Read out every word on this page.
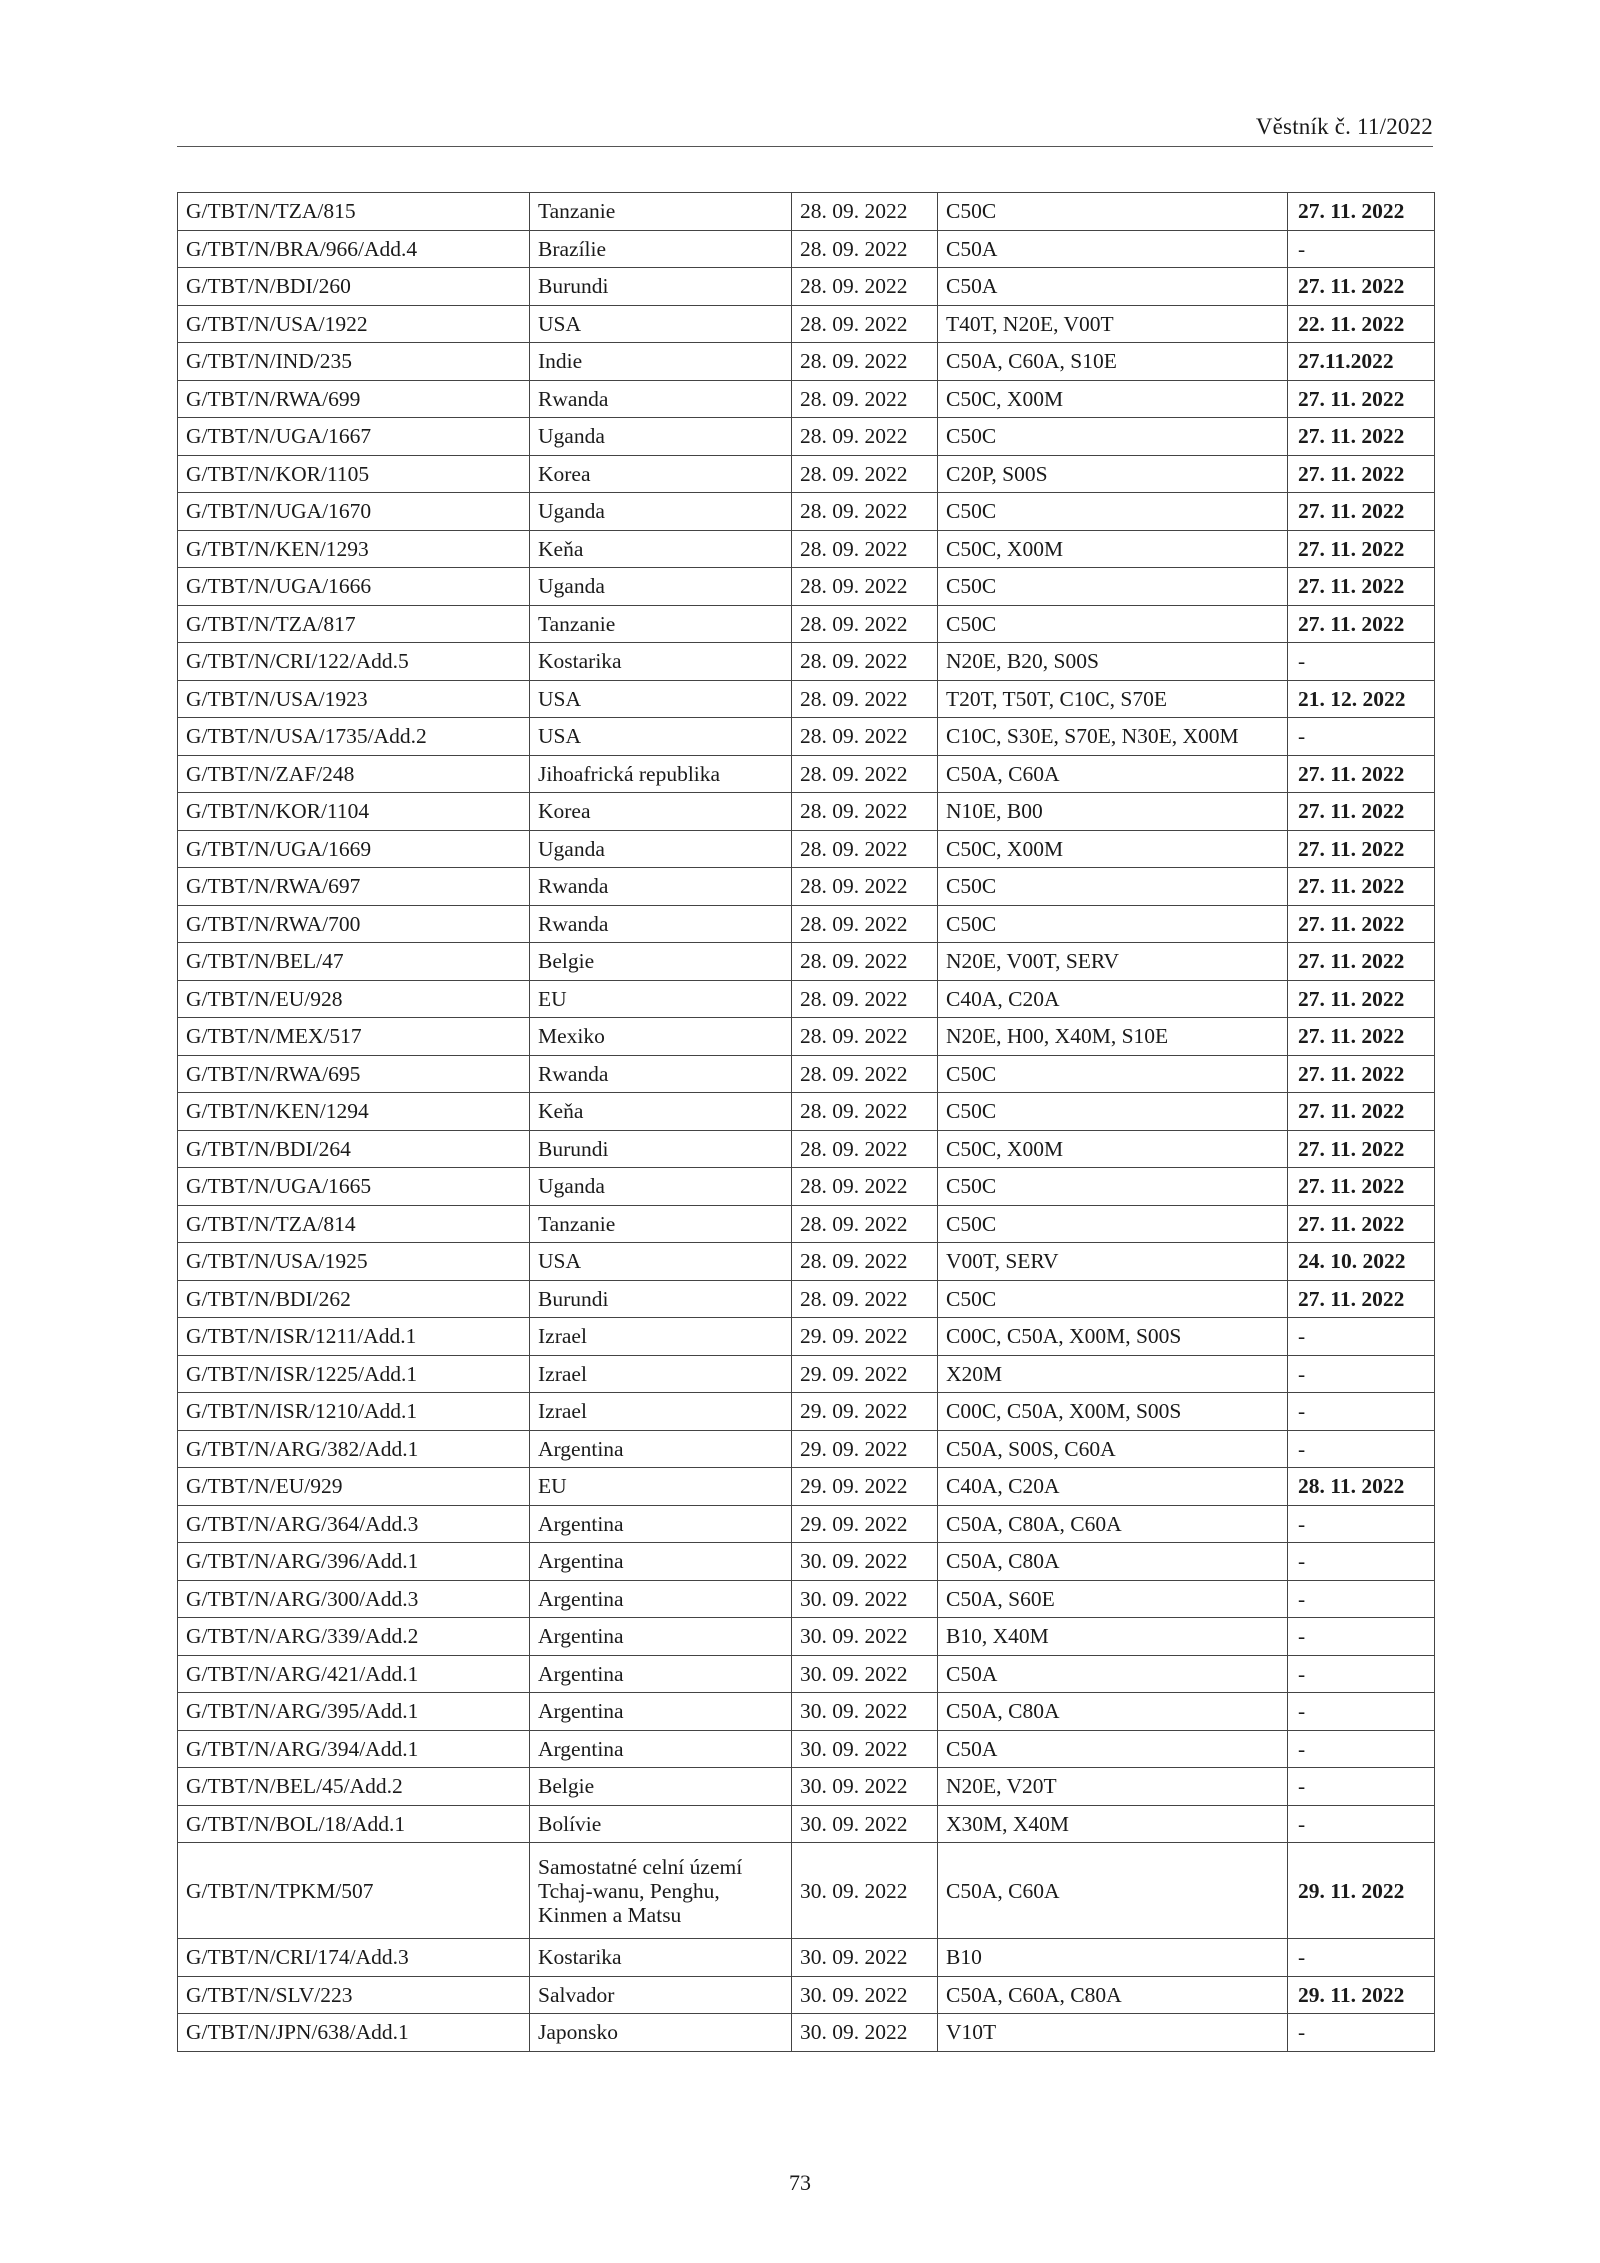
Věstník č. 11/2022
G/TBT/N/TZA/815	Tanzanie	28. 09. 2022	C50C	27. 11. 2022
G/TBT/N/BRA/966/Add.4	Brazílie	28. 09. 2022	C50A	-
G/TBT/N/BDI/260	Burundi	28. 09. 2022	C50A	27. 11. 2022
G/TBT/N/USA/1922	USA	28. 09. 2022	T40T, N20E, V00T	22. 11. 2022
G/TBT/N/IND/235	Indie	28. 09. 2022	C50A, C60A, S10E	27.11.2022
G/TBT/N/RWA/699	Rwanda	28. 09. 2022	C50C, X00M	27. 11. 2022
G/TBT/N/UGA/1667	Uganda	28. 09. 2022	C50C	27. 11. 2022
G/TBT/N/KOR/1105	Korea	28. 09. 2022	C20P, S00S	27. 11. 2022
G/TBT/N/UGA/1670	Uganda	28. 09. 2022	C50C	27. 11. 2022
G/TBT/N/KEN/1293	Keňa	28. 09. 2022	C50C, X00M	27. 11. 2022
G/TBT/N/UGA/1666	Uganda	28. 09. 2022	C50C	27. 11. 2022
G/TBT/N/TZA/817	Tanzanie	28. 09. 2022	C50C	27. 11. 2022
G/TBT/N/CRI/122/Add.5	Kostarika	28. 09. 2022	N20E, B20, S00S	-
G/TBT/N/USA/1923	USA	28. 09. 2022	T20T, T50T, C10C, S70E	21. 12. 2022
G/TBT/N/USA/1735/Add.2	USA	28. 09. 2022	C10C, S30E, S70E, N30E, X00M	-
G/TBT/N/ZAF/248	Jihoafrická republika	28. 09. 2022	C50A, C60A	27. 11. 2022
G/TBT/N/KOR/1104	Korea	28. 09. 2022	N10E, B00	27. 11. 2022
G/TBT/N/UGA/1669	Uganda	28. 09. 2022	C50C, X00M	27. 11. 2022
G/TBT/N/RWA/697	Rwanda	28. 09. 2022	C50C	27. 11. 2022
G/TBT/N/RWA/700	Rwanda	28. 09. 2022	C50C	27. 11. 2022
G/TBT/N/BEL/47	Belgie	28. 09. 2022	N20E, V00T, SERV	27. 11. 2022
G/TBT/N/EU/928	EU	28. 09. 2022	C40A, C20A	27. 11. 2022
G/TBT/N/MEX/517	Mexiko	28. 09. 2022	N20E, H00, X40M, S10E	27. 11. 2022
G/TBT/N/RWA/695	Rwanda	28. 09. 2022	C50C	27. 11. 2022
G/TBT/N/KEN/1294	Keňa	28. 09. 2022	C50C	27. 11. 2022
G/TBT/N/BDI/264	Burundi	28. 09. 2022	C50C, X00M	27. 11. 2022
G/TBT/N/UGA/1665	Uganda	28. 09. 2022	C50C	27. 11. 2022
G/TBT/N/TZA/814	Tanzanie	28. 09. 2022	C50C	27. 11. 2022
G/TBT/N/USA/1925	USA	28. 09. 2022	V00T, SERV	24. 10. 2022
G/TBT/N/BDI/262	Burundi	28. 09. 2022	C50C	27. 11. 2022
G/TBT/N/ISR/1211/Add.1	Izrael	29. 09. 2022	C00C, C50A, X00M, S00S	-
G/TBT/N/ISR/1225/Add.1	Izrael	29. 09. 2022	X20M	-
G/TBT/N/ISR/1210/Add.1	Izrael	29. 09. 2022	C00C, C50A, X00M, S00S	-
G/TBT/N/ARG/382/Add.1	Argentina	29. 09. 2022	C50A, S00S, C60A	-
G/TBT/N/EU/929	EU	29. 09. 2022	C40A, C20A	28. 11. 2022
G/TBT/N/ARG/364/Add.3	Argentina	29. 09. 2022	C50A, C80A, C60A	-
G/TBT/N/ARG/396/Add.1	Argentina	30. 09. 2022	C50A, C80A	-
G/TBT/N/ARG/300/Add.3	Argentina	30. 09. 2022	C50A, S60E	-
G/TBT/N/ARG/339/Add.2	Argentina	30. 09. 2022	B10, X40M	-
G/TBT/N/ARG/421/Add.1	Argentina	30. 09. 2022	C50A	-
G/TBT/N/ARG/395/Add.1	Argentina	30. 09. 2022	C50A, C80A	-
G/TBT/N/ARG/394/Add.1	Argentina	30. 09. 2022	C50A	-
G/TBT/N/BEL/45/Add.2	Belgie	30. 09. 2022	N20E, V20T	-
G/TBT/N/BOL/18/Add.1	Bolívie	30. 09. 2022	X30M, X40M	-
G/TBT/N/TPKM/507	Samostatné celní území Tchaj-wanu, Penghu, Kinmen a Matsu	30. 09. 2022	C50A, C60A	29. 11. 2022
G/TBT/N/CRI/174/Add.3	Kostarika	30. 09. 2022	B10	-
G/TBT/N/SLV/223	Salvador	30. 09. 2022	C50A, C60A, C80A	29. 11. 2022
G/TBT/N/JPN/638/Add.1	Japonsko	30. 09. 2022	V10T	-
73
